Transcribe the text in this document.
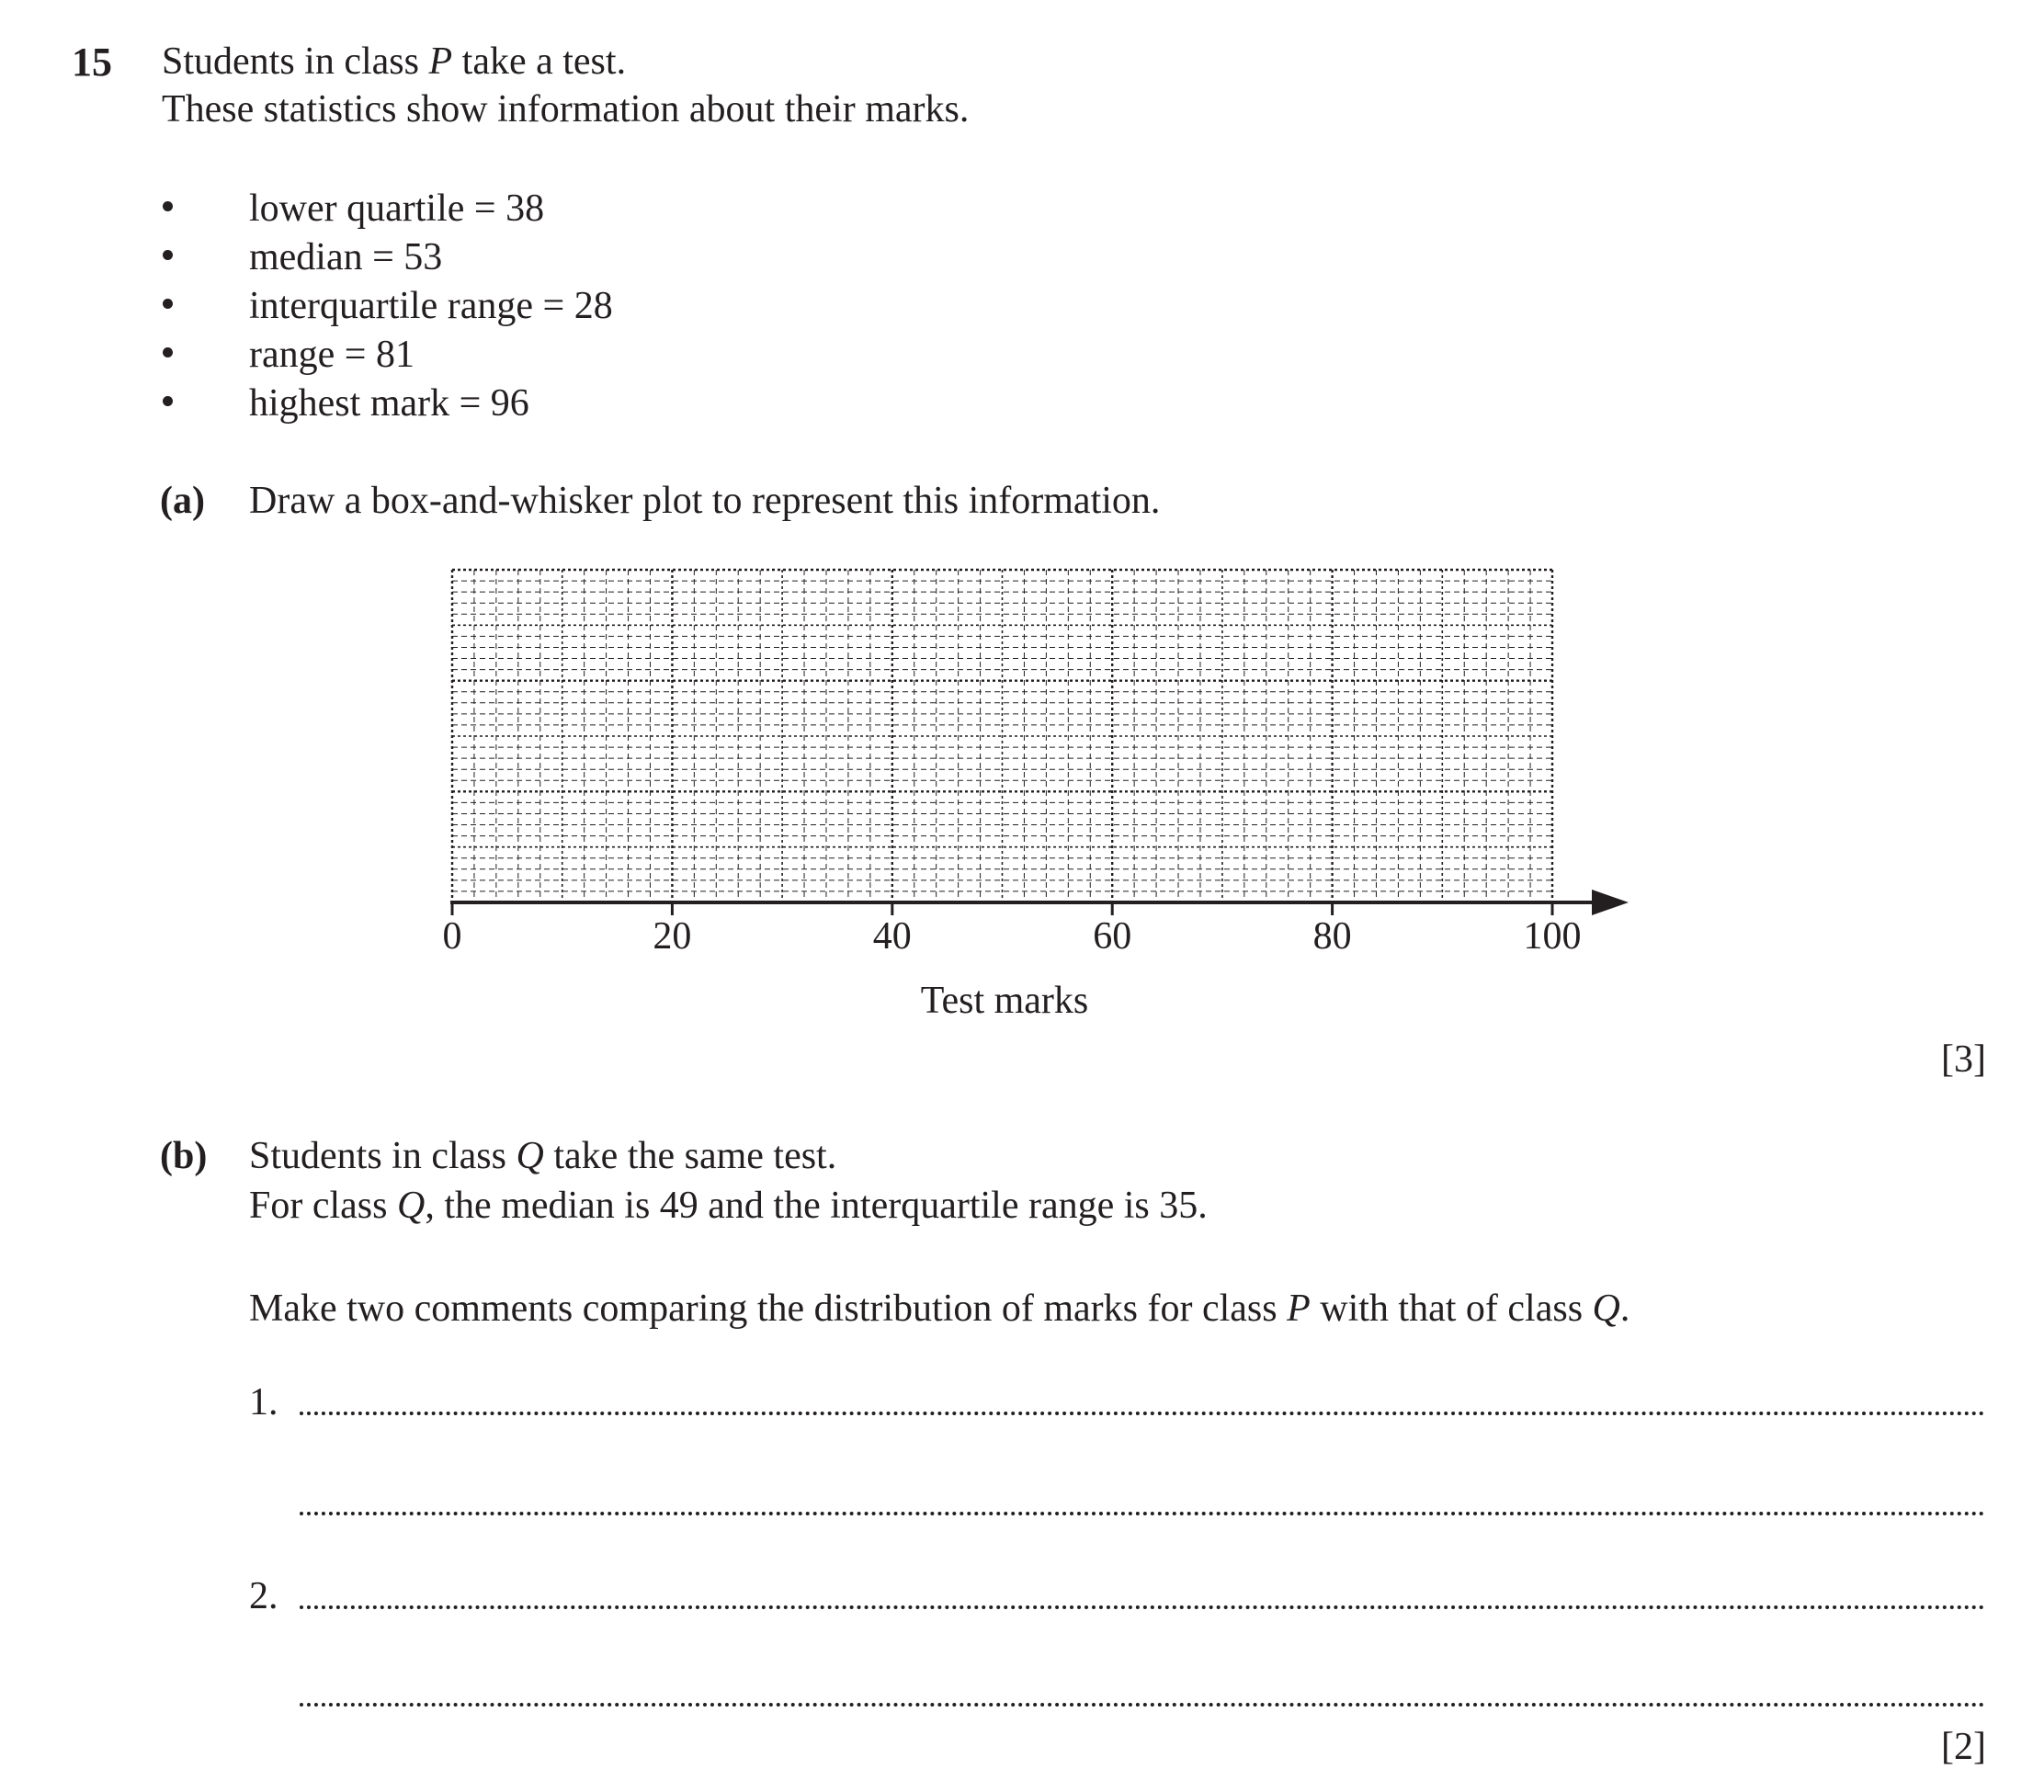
15 Students in class P take a test.
These statistics show information about their marks.
lower quartile = 38
median = 53
interquartile range = 28
range = 81
highest mark = 96
(a) Draw a box-and-whisker plot to represent this information.
0	20	40	60	80	100
Test marks
[3]
(b) Students in class Q take the same test.
For class Q, the median is 49 and the interquartile range is 35.
Make two comments comparing the distribution of marks for class P with that of class Q.
1.
2.
[2]
